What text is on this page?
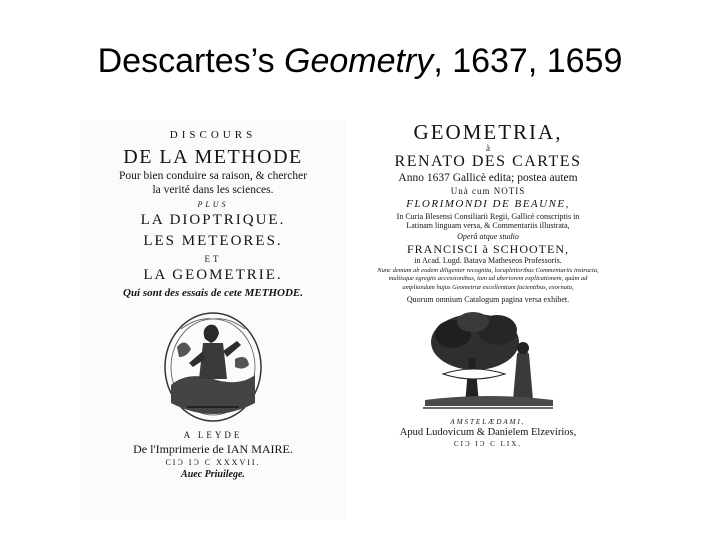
Descartes’s Geometry, 1637, 1659
DISCOURS
DE LA METHODE
Pour bien conduire sa raison, & chercher
la verité dans les sciences.
PLUS
LA DIOPTRIQUE.
LES METEORES.
ET
LA GEOMETRIE.
Qui sont des essais de cete METHODE.
A LEYDE
De l'Imprimerie de IAN MAIRE.
CIƆ IƆ C XXXVII.
Auec Priuilege.
GEOMETRIA,
à
RENATO DES CARTES
Anno 1637 Gallicè edita; postea autem
Unà cum NOTIS
FLORIMONDI DE BEAUNE,
In Curia Blesensi Consiliarii Regii, Gallicè conscriptis in
Latinam linguam versa, & Commentariis illustrata,
Operâ atque studio
FRANCISCI à SCHOOTEN,
in Acad. Lugd. Batava Matheseos Professoris.
Nunc demum ab eodem diligenter recognita, locupletioribus Commentariis instructa, multisque egregiis accessionibus, tam ad uberiorem explicationem, quàm ad ampliandam hujus Geometriæ excellentiam facientibus, exornata,
Quorum omnium Catalogum pagina versa exhibet.
AMSTELÆDAMI,
Apud Ludovicum & Danielem Elzevirios,
CIƆ IƆ C LIX.
